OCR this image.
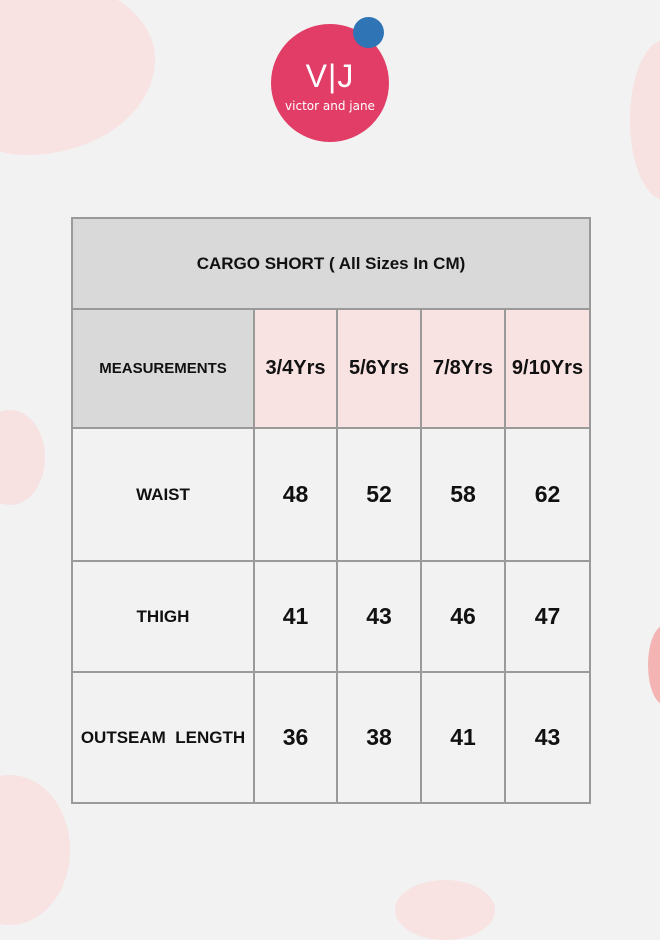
V|J
victor and jane
CARGO SHORT ( All Sizes In CM)				
MEASUREMENTS	3/4Yrs	5/6Yrs	7/8Yrs	9/10Yrs
WAIST	48	52	58	62
THIGH	41	43	46	47
OUTSEAM  LENGTH	36	38	41	43
